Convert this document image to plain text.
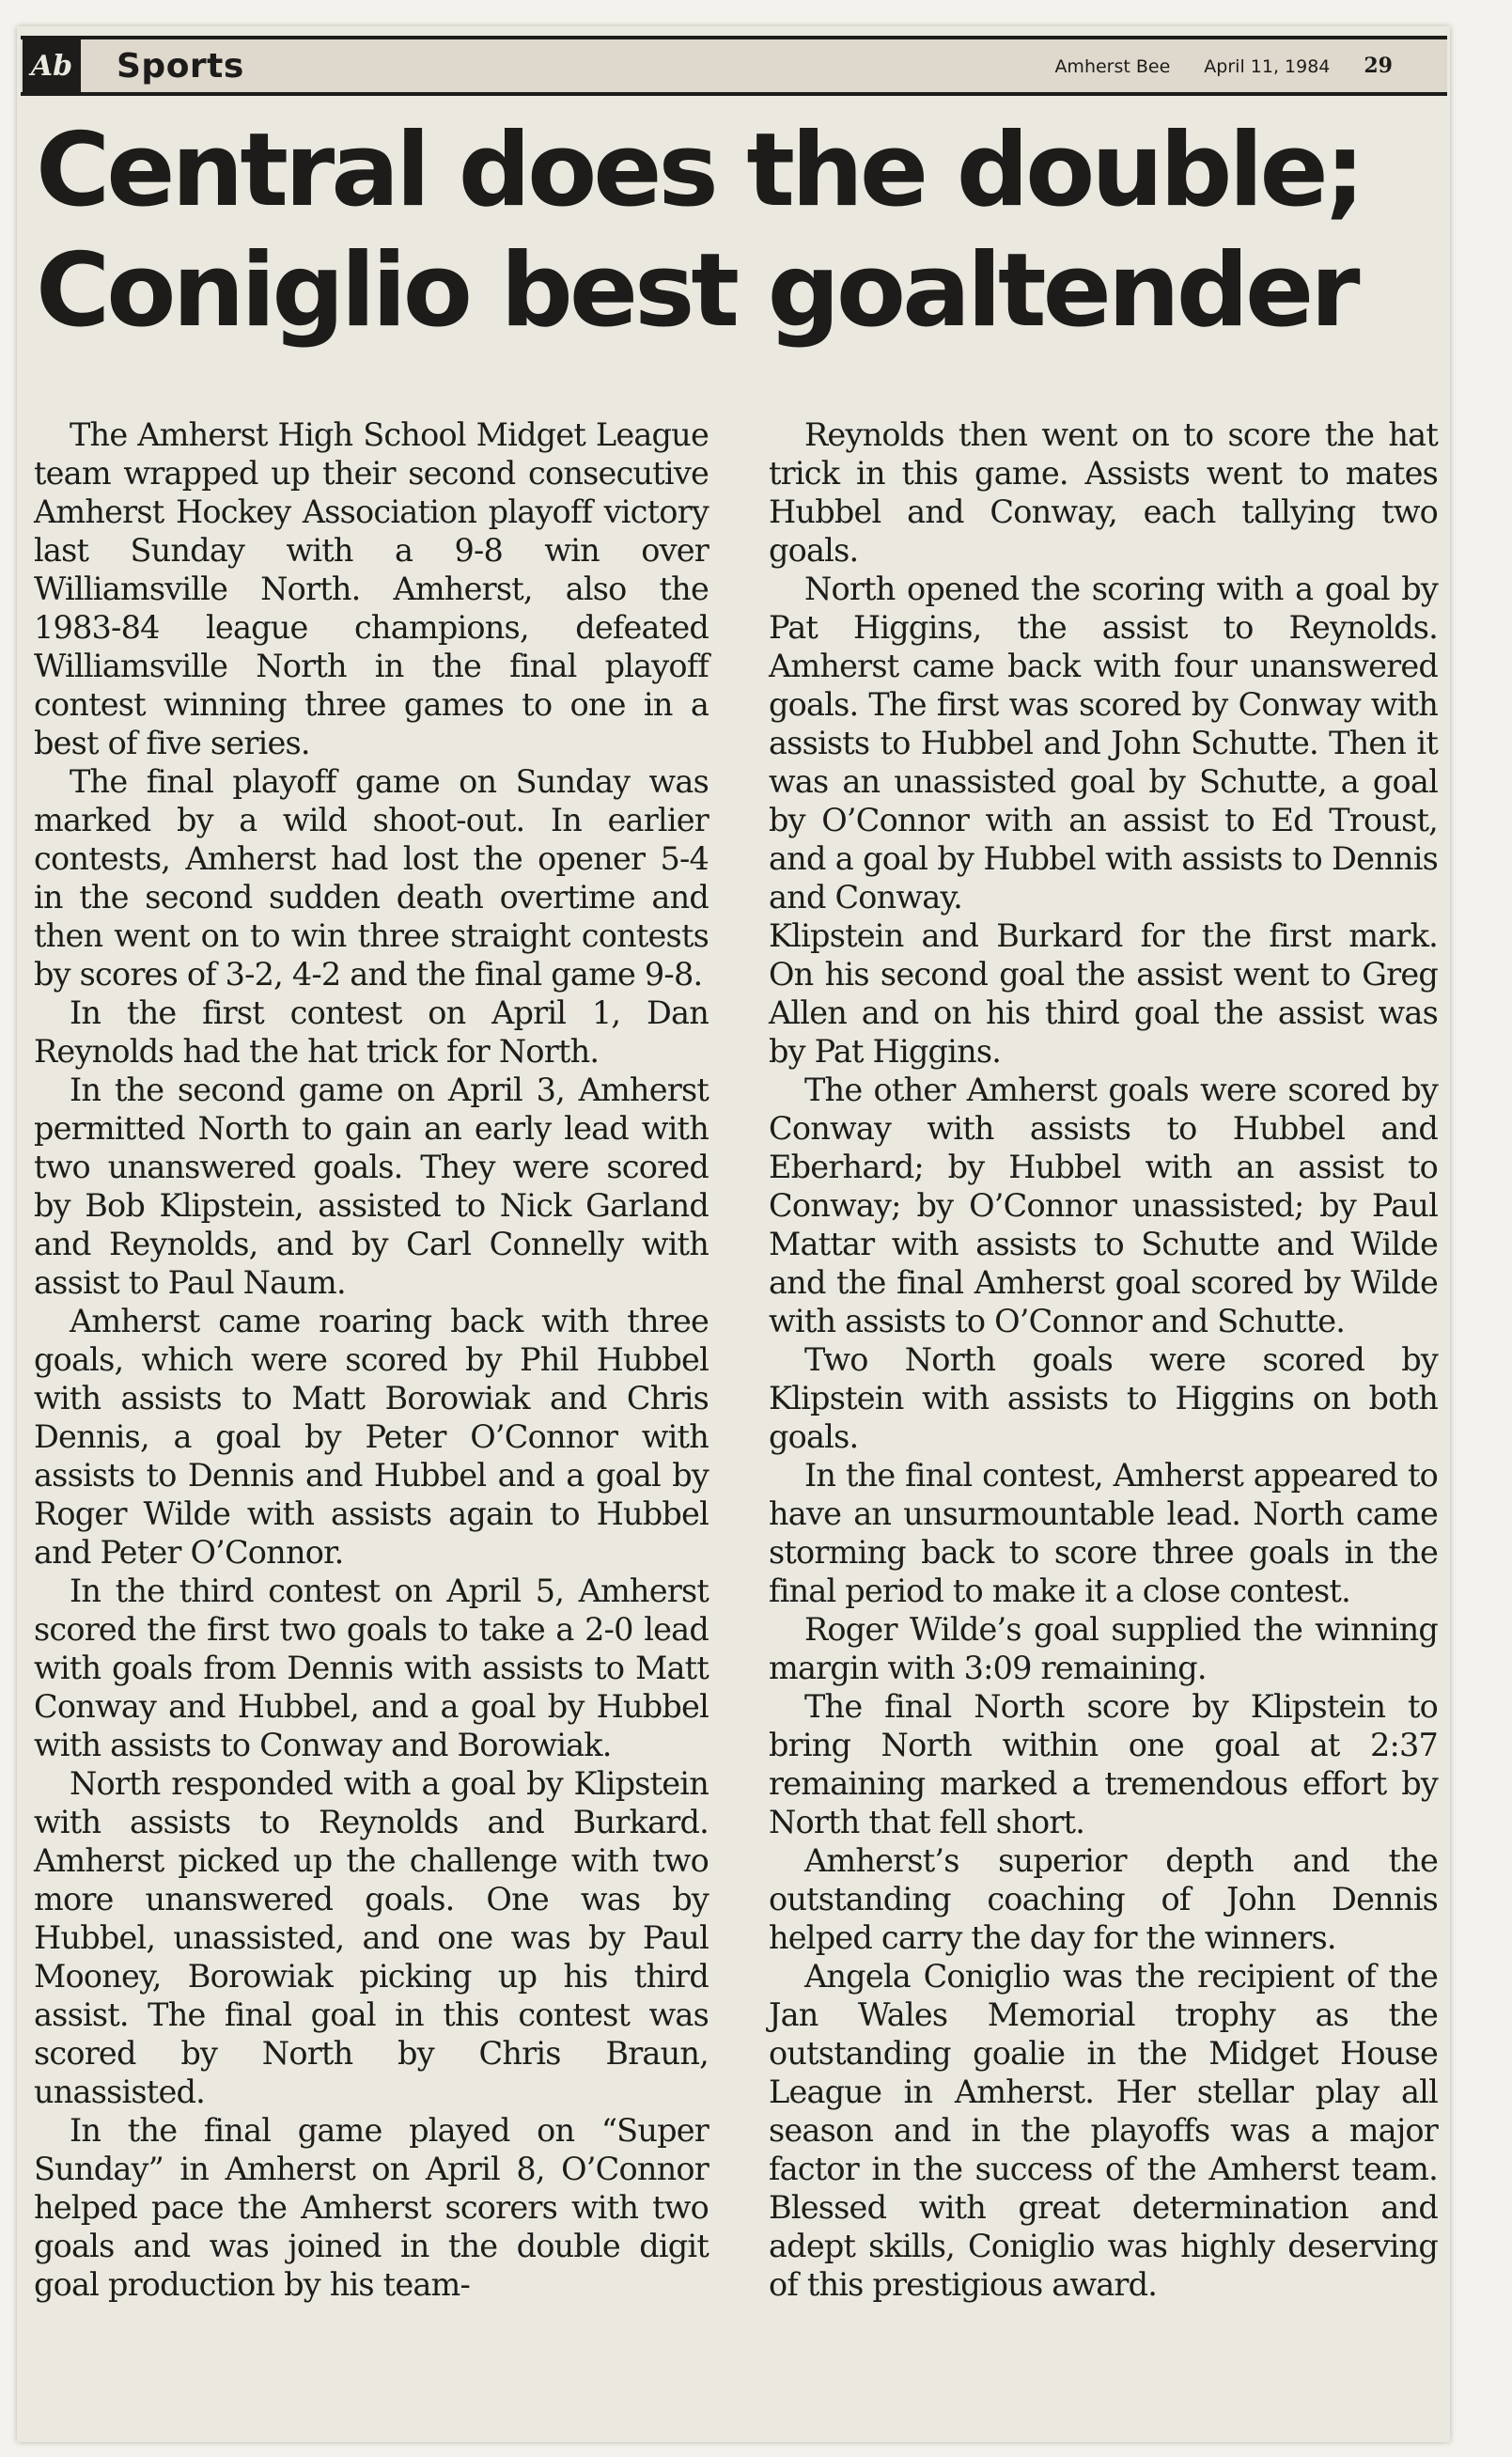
Ab Sports	Amherst Bee April 11, 1984 29
Central does the double;
Coniglio best goaltender

The Amherst High School Midget League team wrapped up their second consecutive Amherst Hockey Association playoff victory last Sunday with a 9-8 win over Williamsville North. Amherst, also the 1983-84 league champions, defeated Williamsville North in the final playoff contest winning three games to one in a best of five series.

The final playoff game on Sunday was marked by a wild shoot-out. In earlier contests, Amherst had lost the opener 5-4 in the second sudden death overtime and then went on to win three straight contests by scores of 3-2, 4-2 and the final game 9-8.

In the first contest on April 1, Dan Reynolds had the hat trick for North.

In the second game on April 3, Amherst permitted North to gain an early lead with two unanswered goals. They were scored by Bob Klipstein, assisted to Nick Garland and Reynolds, and by Carl Connelly with assist to Paul Naum.

Amherst came roaring back with three goals, which were scored by Phil Hubbel with assists to Matt Borowiak and Chris Dennis, a goal by Peter O’Connor with assists to Dennis and Hubbel and a goal by Roger Wilde with assists again to Hubbel and Peter O’Connor.

In the third contest on April 5, Amherst scored the first two goals to take a 2-0 lead with goals from Dennis with assists to Matt Conway and Hubbel, and a goal by Hubbel with assists to Conway and Borowiak.

North responded with a goal by Klipstein with assists to Reynolds and Burkard. Amherst picked up the challenge with two more unanswered goals. One was by Hubbel, unassisted, and one was by Paul Mooney, Borowiak picking up his third assist. The final goal in this contest was scored by North by Chris Braun, unassisted.

In the final game played on “Super Sunday” in Amherst on April 8, O’Connor helped pace the Amherst scorers with two goals and was joined in the double digit goal production by his team-

Reynolds then went on to score the hat trick in this game. Assists went to mates Hubbel and Conway, each tallying two goals.

North opened the scoring with a goal by Pat Higgins, the assist to Reynolds. Amherst came back with four unanswered goals. The first was scored by Conway with assists to Hubbel and John Schutte. Then it was an unassisted goal by Schutte, a goal by O’Connor with an assist to Ed Troust, and a goal by Hubbel with assists to Dennis and Conway.

Klipstein and Burkard for the first mark. On his second goal the assist went to Greg Allen and on his third goal the assist was by Pat Higgins.

The other Amherst goals were scored by Conway with assists to Hubbel and Eberhard; by Hubbel with an assist to Conway; by O’Connor unassisted; by Paul Mattar with assists to Schutte and Wilde and the final Amherst goal scored by Wilde with assists to O’Connor and Schutte.

Two North goals were scored by Klipstein with assists to Higgins on both goals.

In the final contest, Amherst appeared to have an unsurmountable lead. North came storming back to score three goals in the final period to make it a close contest.

Roger Wilde’s goal supplied the winning margin with 3:09 remaining.

The final North score by Klipstein to bring North within one goal at 2:37 remaining marked a tremendous effort by North that fell short.

Amherst’s superior depth and the outstanding coaching of John Dennis helped carry the day for the winners.

Angela Coniglio was the recipient of the Jan Wales Memorial trophy as the outstanding goalie in the Midget House League in Amherst. Her stellar play all season and in the playoffs was a major factor in the success of the Amherst team. Blessed with great determination and adept skills, Coniglio was highly deserving of this prestigious award.
